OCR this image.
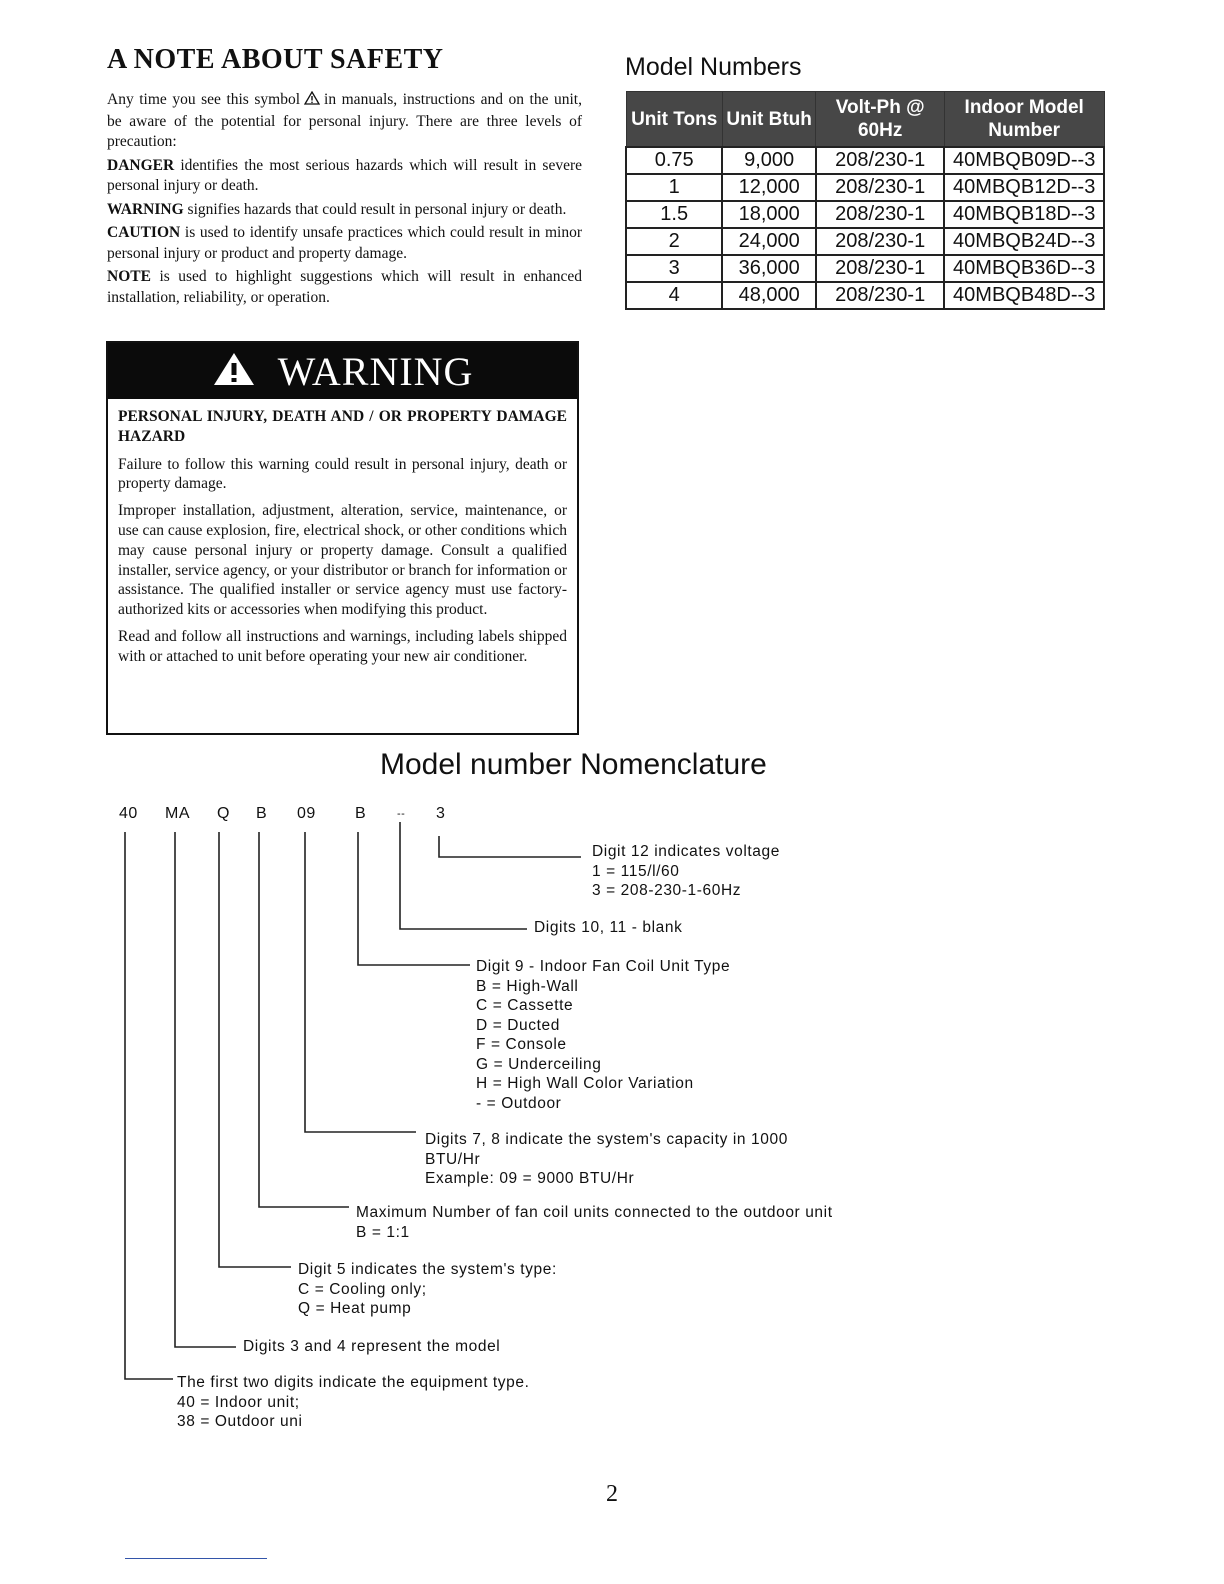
A NOTE ABOUT SAFETY

Any time you see this symbol in manuals, instructions and on the unit, be aware of the potential for personal injury. There are three levels of precaution:

DANGER identifies the most serious hazards which will result in severe personal injury or death.

WARNING signifies hazards that could result in personal injury or death.

CAUTION is used to identify unsafe practices which could result in minor personal injury or product and property damage.

NOTE is used to highlight suggestions which will result in enhanced installation, reliability, or operation.

WARNING

PERSONAL INJURY, DEATH AND / OR PROPERTY DAMAGE HAZARD

Failure to follow this warning could result in personal injury, death or property damage.

Improper installation, adjustment, alteration, service, maintenance, or use can cause explosion, fire, electrical shock, or other conditions which may cause personal injury or property damage. Consult a qualified installer, service agency, or your distributor or branch for information or assistance. The qualified installer or service agency must use factory-authorized kits or accessories when modifying this product.

Read and follow all instructions and warnings, including labels shipped with or attached to unit before operating your new air conditioner.

Model Numbers
Unit Tons	Unit Btuh	Volt-Ph @ 60Hz	Indoor Model Number
0.75	9,000	208/230-1	40MBQB09D--3
1	12,000	208/230-1	40MBQB12D--3
1.5	18,000	208/230-1	40MBQB18D--3
2	24,000	208/230-1	40MBQB24D--3
3	36,000	208/230-1	40MBQB36D--3
4	48,000	208/230-1	40MBQB48D--3
Model number Nomenclature
40 MA Q B 09 B	-- 3
Digit 12 indicates voltage
1 = 115/l/60
3 = 208-230-1-60Hz
Digits 10, 11 - blank
Digit 9 - Indoor Fan Coil Unit Type
B = High-Wall
C = Cassette
D = Ducted
F = Console
G = Underceiling
H = High Wall Color Variation
- = Outdoor
Digits 7, 8 indicate the system's capacity in 1000
BTU/Hr
Example: 09 = 9000 BTU/Hr
Maximum Number of fan coil units connected to the outdoor unit
B = 1:1
Digit 5 indicates the system's type:
C = Cooling only;
Q = Heat pump
Digits 3 and 4 represent the model
The first two digits indicate the equipment type.
40 = Indoor unit;
38 = Outdoor uni
2
